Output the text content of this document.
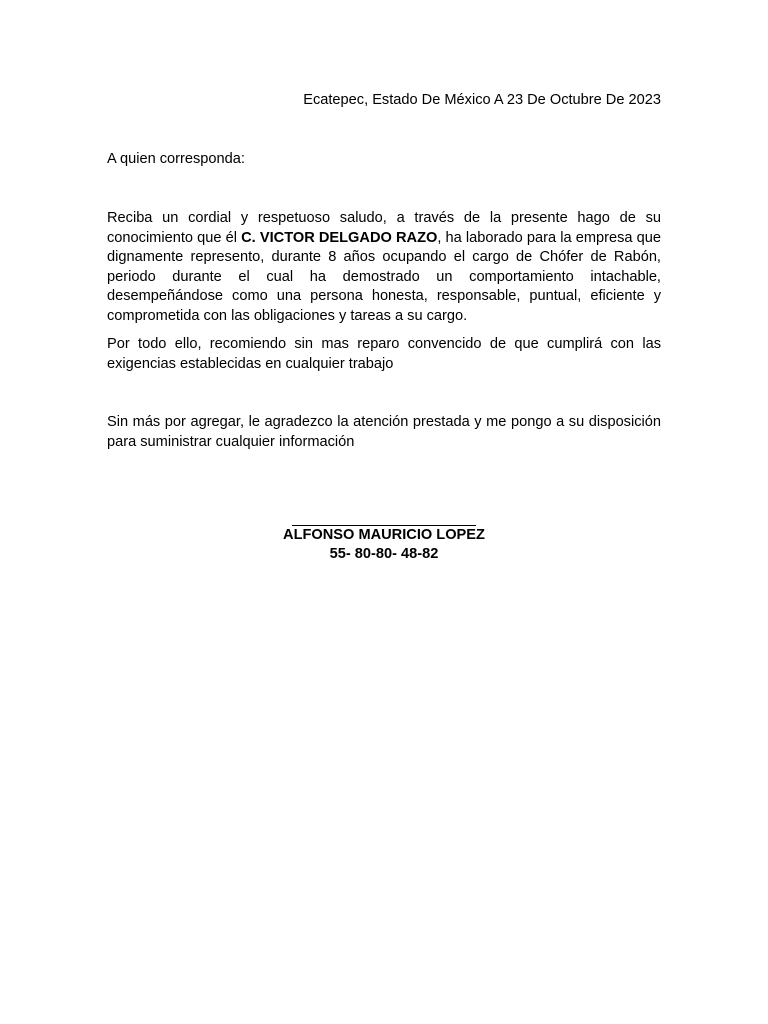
Ecatepec, Estado De México A 23 De Octubre De 2023
A quien corresponda:
Reciba un cordial y respetuoso saludo, a través de la presente hago de su conocimiento que él C. VICTOR DELGADO RAZO, ha laborado para la empresa que dignamente represento, durante 8 años ocupando el cargo de Chófer de Rabón, periodo durante el cual ha demostrado un comportamiento intachable, desempeñándose como una persona honesta, responsable, puntual, eficiente y comprometida con las obligaciones y tareas a su cargo.
Por todo ello, recomiendo sin mas reparo convencido de que cumplirá con las exigencias establecidas en cualquier trabajo
Sin más por agregar, le agradezco la atención prestada y me pongo a su disposición para suministrar cualquier información
ALFONSO MAURICIO LOPEZ
55- 80-80- 48-82
